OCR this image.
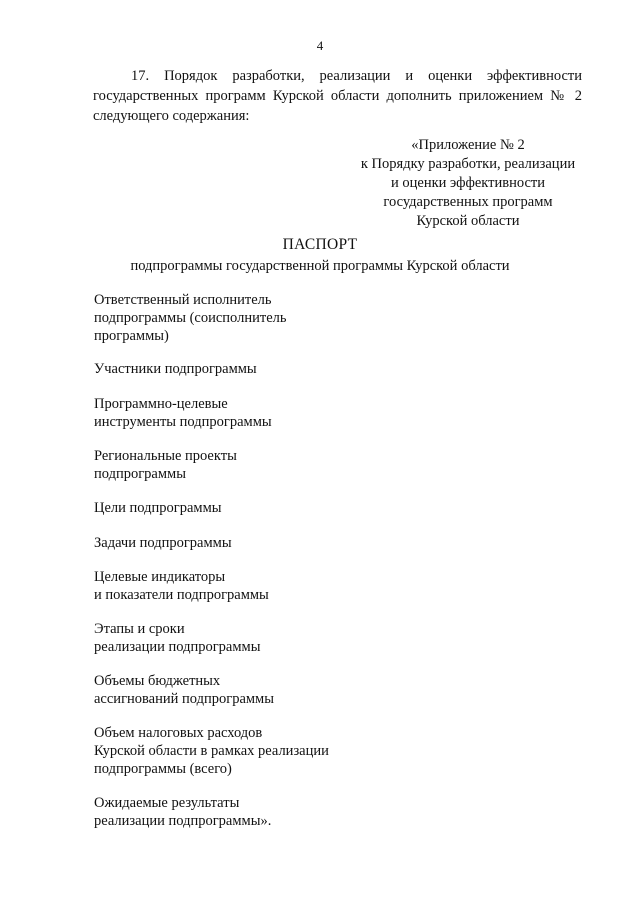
4
17. Порядок разработки, реализации и оценки эффективности
государственных программ Курской области дополнить приложением № 2
следующего содержания:
«Приложение № 2
к Порядку разработки, реализации
и оценки эффективности
государственных программ
Курской области
ПАСПОРТ
подпрограммы государственной программы Курской области
Ответственный исполнитель
подпрограммы (соисполнитель
программы)
Участники подпрограммы
Программно-целевые
инструменты подпрограммы
Региональные проекты
подпрограммы
Цели подпрограммы
Задачи подпрограммы
Целевые индикаторы
и показатели подпрограммы
Этапы и сроки
реализации подпрограммы
Объемы бюджетных
ассигнований подпрограммы
Объем налоговых расходов
Курской области в рамках реализации
подпрограммы (всего)
Ожидаемые результаты
реализации подпрограммы».
